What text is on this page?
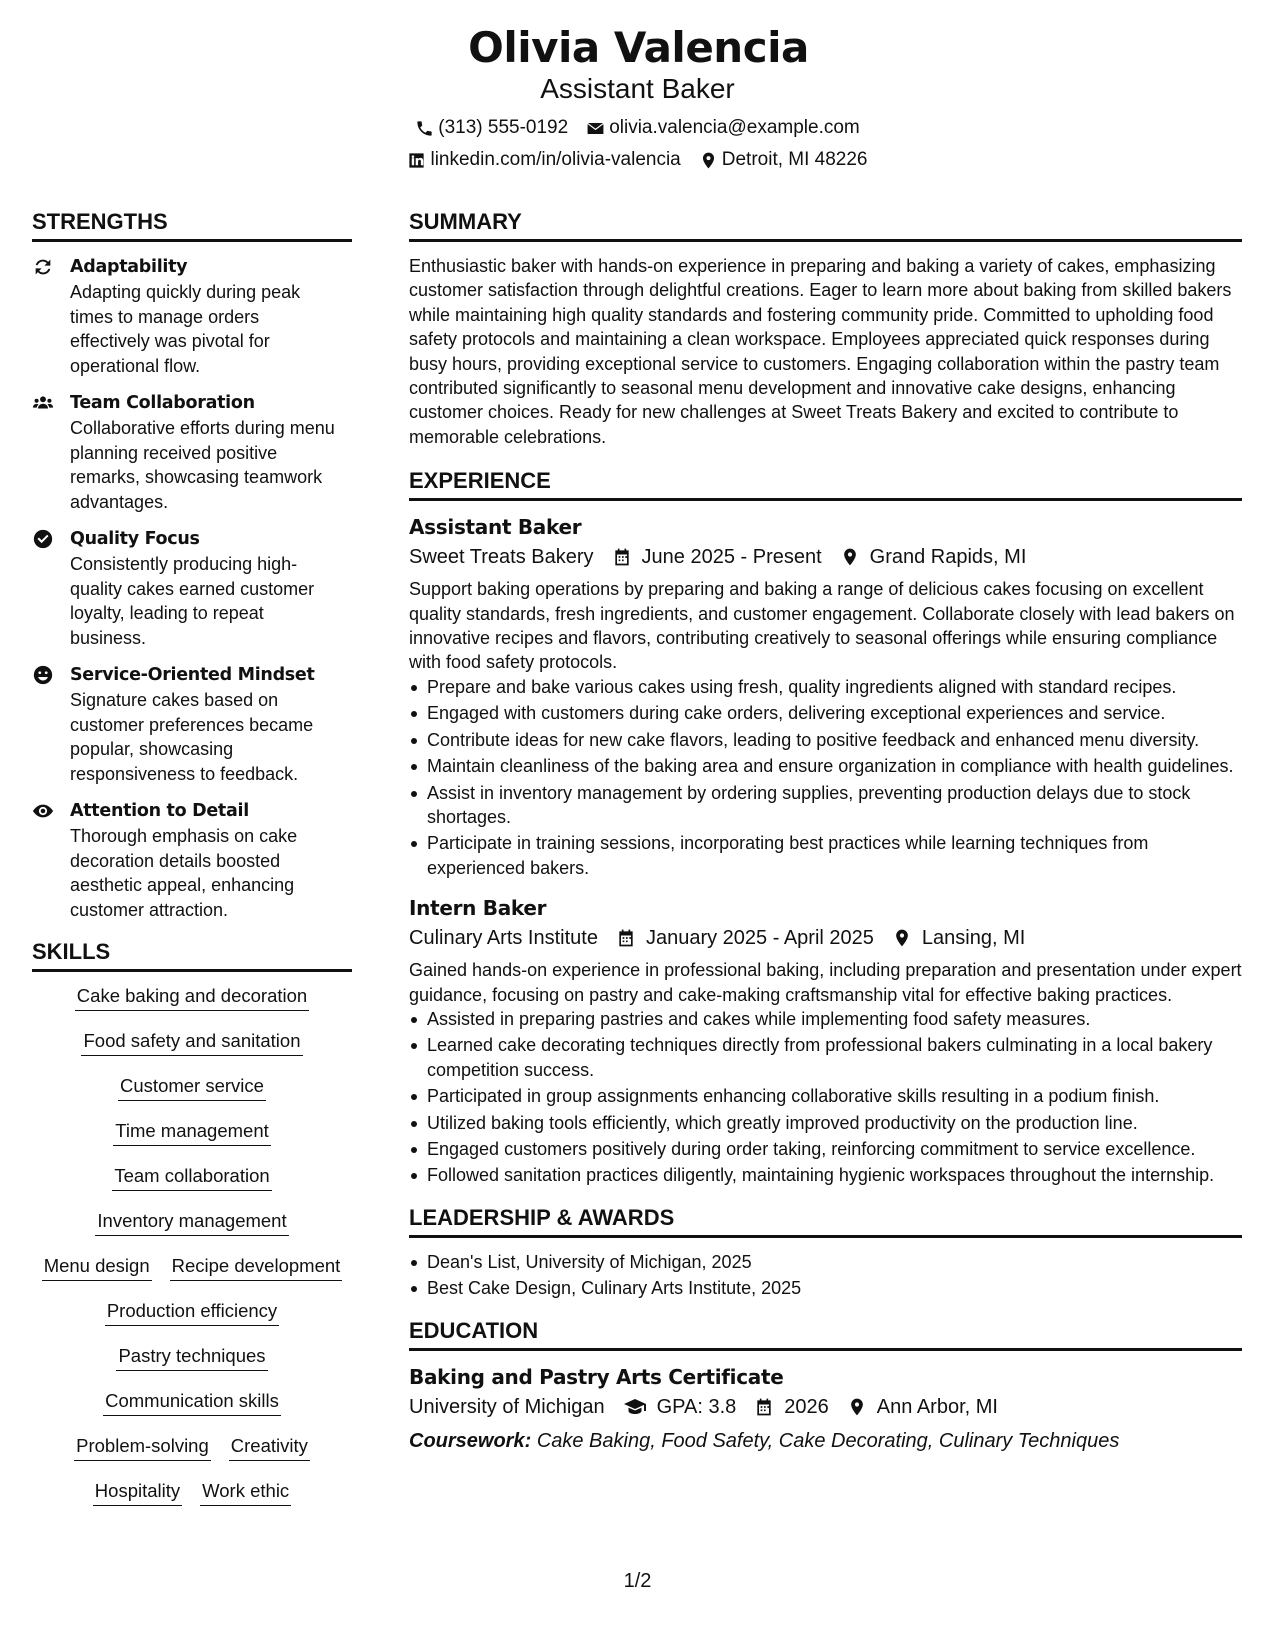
Olivia Valencia
Assistant Baker
(313) 555-0192 olivia.valencia@example.com
linkedin.com/in/olivia-valencia Detroit, MI 48226
STRENGTHS
Adaptability
Adapting quickly during peak times to manage orders effectively was pivotal for operational flow.
Team Collaboration
Collaborative efforts during menu planning received positive remarks, showcasing teamwork advantages.
Quality Focus
Consistently producing high-quality cakes earned customer loyalty, leading to repeat business.
Service-Oriented Mindset
Signature cakes based on customer preferences became popular, showcasing responsiveness to feedback.
Attention to Detail
Thorough emphasis on cake decoration details boosted aesthetic appeal, enhancing customer attraction.
SKILLS
Cake baking and decoration
Food safety and sanitation
Customer service
Time management
Team collaboration
Inventory management
Menu design Recipe development
Production efficiency
Pastry techniques
Communication skills
Problem-solving Creativity
Hospitality Work ethic
SUMMARY
Enthusiastic baker with hands-on experience in preparing and baking a variety of cakes, emphasizing customer satisfaction through delightful creations. Eager to learn more about baking from skilled bakers while maintaining high quality standards and fostering community pride. Committed to upholding food safety protocols and maintaining a clean workspace. Employees appreciated quick responses during busy hours, providing exceptional service to customers. Engaging collaboration within the pastry team contributed significantly to seasonal menu development and innovative cake designs, enhancing customer choices. Ready for new challenges at Sweet Treats Bakery and excited to contribute to memorable celebrations.
EXPERIENCE
Assistant Baker
Sweet Treats Bakery June 2025 - Present Grand Rapids, MI
Support baking operations by preparing and baking a range of delicious cakes focusing on excellent quality standards, fresh ingredients, and customer engagement. Collaborate closely with lead bakers on innovative recipes and flavors, contributing creatively to seasonal offerings while ensuring compliance with food safety protocols.
Prepare and bake various cakes using fresh, quality ingredients aligned with standard recipes.
Engaged with customers during cake orders, delivering exceptional experiences and service.
Contribute ideas for new cake flavors, leading to positive feedback and enhanced menu diversity.
Maintain cleanliness of the baking area and ensure organization in compliance with health guidelines.
Assist in inventory management by ordering supplies, preventing production delays due to stock shortages.
Participate in training sessions, incorporating best practices while learning techniques from experienced bakers.
Intern Baker
Culinary Arts Institute January 2025 - April 2025 Lansing, MI
Gained hands-on experience in professional baking, including preparation and presentation under expert guidance, focusing on pastry and cake-making craftsmanship vital for effective baking practices.
Assisted in preparing pastries and cakes while implementing food safety measures.
Learned cake decorating techniques directly from professional bakers culminating in a local bakery competition success.
Participated in group assignments enhancing collaborative skills resulting in a podium finish.
Utilized baking tools efficiently, which greatly improved productivity on the production line.
Engaged customers positively during order taking, reinforcing commitment to service excellence.
Followed sanitation practices diligently, maintaining hygienic workspaces throughout the internship.
LEADERSHIP & AWARDS
Dean's List, University of Michigan, 2025
Best Cake Design, Culinary Arts Institute, 2025
EDUCATION
Baking and Pastry Arts Certificate
University of Michigan	GPA: 3.8 2026 Ann Arbor, MI
Coursework: Cake Baking, Food Safety, Cake Decorating, Culinary Techniques
1/2
